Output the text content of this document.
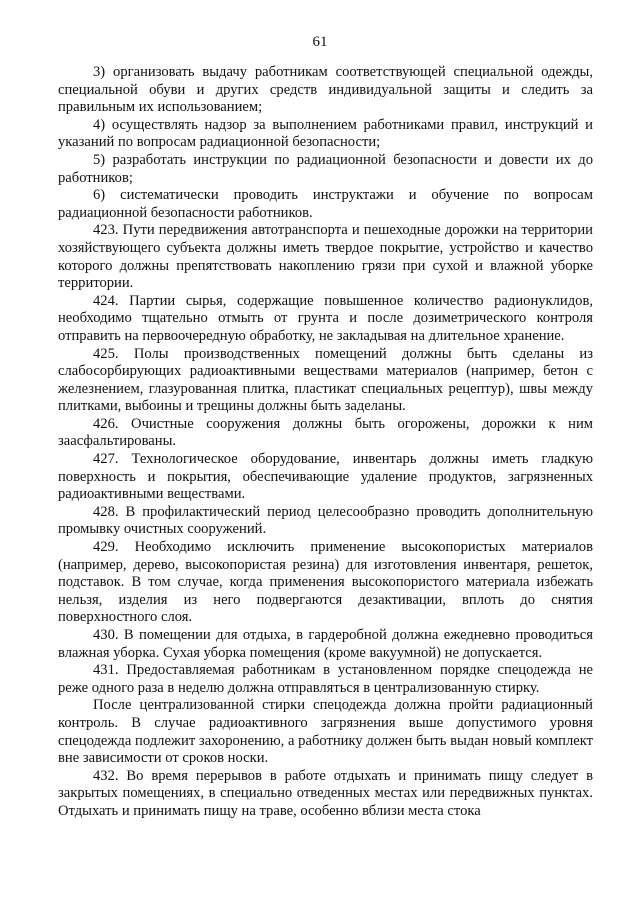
61

3) организовать выдачу работникам соответствующей специальной одежды, специальной обуви и других средств индивидуальной защиты и следить за правильным их использованием;

4) осуществлять надзор за выполнением работниками правил, инструкций и указаний по вопросам радиационной безопасности;

5) разработать инструкции по радиационной безопасности и довести их до работников;

6) систематически проводить инструктажи и обучение по вопросам радиационной безопасности работников.

423. Пути передвижения автотранспорта и пешеходные дорожки на территории хозяйствующего субъекта должны иметь твердое покрытие, устройство и качество которого должны препятствовать накоплению грязи при сухой и влажной уборке территории.

424. Партии сырья, содержащие повышенное количество радионуклидов, необходимо тщательно отмыть от грунта и после дозиметрического контроля отправить на первоочередную обработку, не закладывая на длительное хранение.

425. Полы производственных помещений должны быть сделаны из слабосорбирующих радиоактивными веществами материалов (например, бетон с железнением, глазурованная плитка, пластикат специальных рецептур), швы между плитками, выбоины и трещины должны быть заделаны.

426. Очистные сооружения должны быть огорожены, дорожки к ним заасфальтированы.

427. Технологическое оборудование, инвентарь должны иметь гладкую поверхность и покрытия, обеспечивающие удаление продуктов, загрязненных радиоактивными веществами.

428. В профилактический период целесообразно проводить дополнительную промывку очистных сооружений.

429. Необходимо исключить применение высокопористых материалов (например, дерево, высокопористая резина) для изготовления инвентаря, решеток, подставок. В том случае, когда применения высокопористого материала избежать нельзя, изделия из него подвергаются дезактивации, вплоть до снятия поверхностного слоя.

430. В помещении для отдыха, в гардеробной должна ежедневно проводиться влажная уборка. Сухая уборка помещения (кроме вакуумной) не допускается.

431. Предоставляемая работникам в установленном порядке спецодежда не реже одного раза в неделю должна отправляться в централизованную стирку.

После централизованной стирки спецодежда должна пройти радиационный контроль. В случае радиоактивного загрязнения выше допустимого уровня спецодежда подлежит захоронению, а работнику должен быть выдан новый комплект вне зависимости от сроков носки.

432. Во время перерывов в работе отдыхать и принимать пищу следует в закрытых помещениях, в специально отведенных местах или передвижных пунктах. Отдыхать и принимать пищу на траве, особенно вблизи места стока
